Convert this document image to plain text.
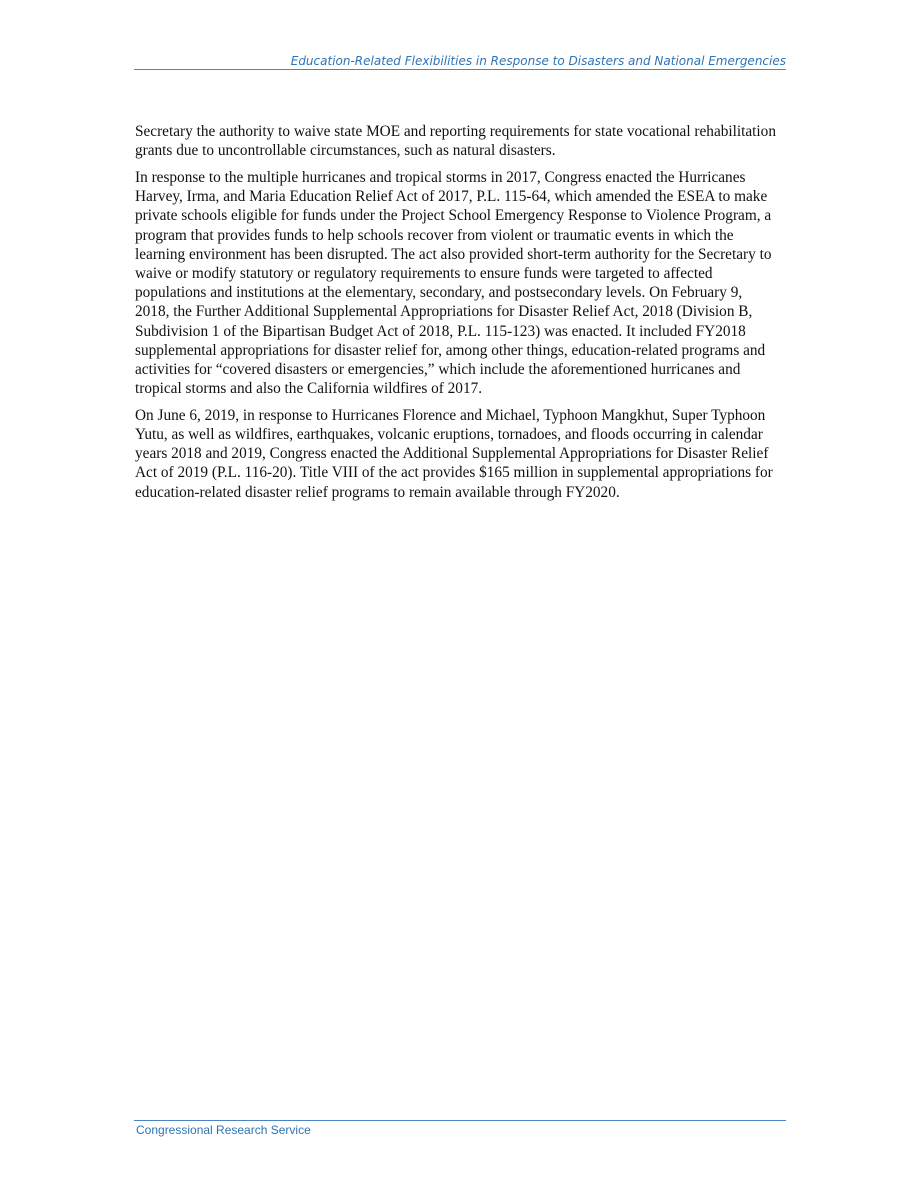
Education-Related Flexibilities in Response to Disasters and National Emergencies

Secretary the authority to waive state MOE and reporting requirements for state vocational rehabilitation grants due to uncontrollable circumstances, such as natural disasters.

In response to the multiple hurricanes and tropical storms in 2017, Congress enacted the Hurricanes Harvey, Irma, and Maria Education Relief Act of 2017, P.L. 115-64, which amended the ESEA to make private schools eligible for funds under the Project School Emergency Response to Violence Program, a program that provides funds to help schools recover from violent or traumatic events in which the learning environment has been disrupted. The act also provided short-term authority for the Secretary to waive or modify statutory or regulatory requirements to ensure funds were targeted to affected populations and institutions at the elementary, secondary, and postsecondary levels. On February 9, 2018, the Further Additional Supplemental Appropriations for Disaster Relief Act, 2018 (Division B, Subdivision 1 of the Bipartisan Budget Act of 2018, P.L. 115-123) was enacted. It included FY2018 supplemental appropriations for disaster relief for, among other things, education-related programs and activities for “covered disasters or emergencies,” which include the aforementioned hurricanes and tropical storms and also the California wildfires of 2017.

On June 6, 2019, in response to Hurricanes Florence and Michael, Typhoon Mangkhut, Super Typhoon Yutu, as well as wildfires, earthquakes, volcanic eruptions, tornadoes, and floods occurring in calendar years 2018 and 2019, Congress enacted the Additional Supplemental Appropriations for Disaster Relief Act of 2019 (P.L. 116-20). Title VIII of the act provides $165 million in supplemental appropriations for education-related disaster relief programs to remain available through FY2020.

Congressional Research Service
